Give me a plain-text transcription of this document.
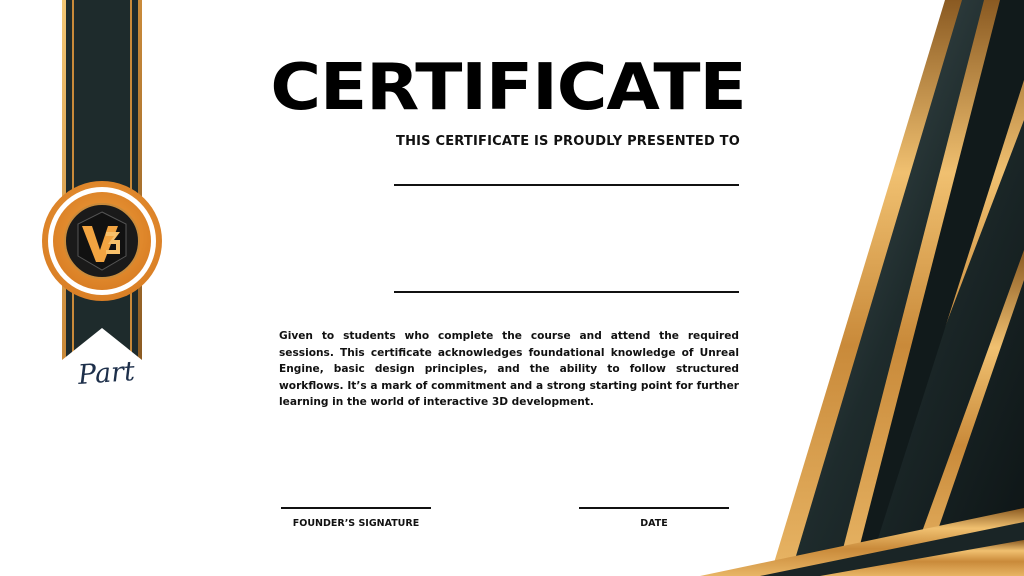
Part
CERTIFICATE
THIS CERTIFICATE IS PROUDLY PRESENTED TO

Given to students who complete the course and attend the required sessions. This certificate acknowledges foundational knowledge of Unreal Engine, basic design principles, and the ability to follow structured workflows. It’s a mark of commitment and a strong starting point for further learning in the world of interactive 3D development.

FOUNDER’S SIGNATURE	DATE
